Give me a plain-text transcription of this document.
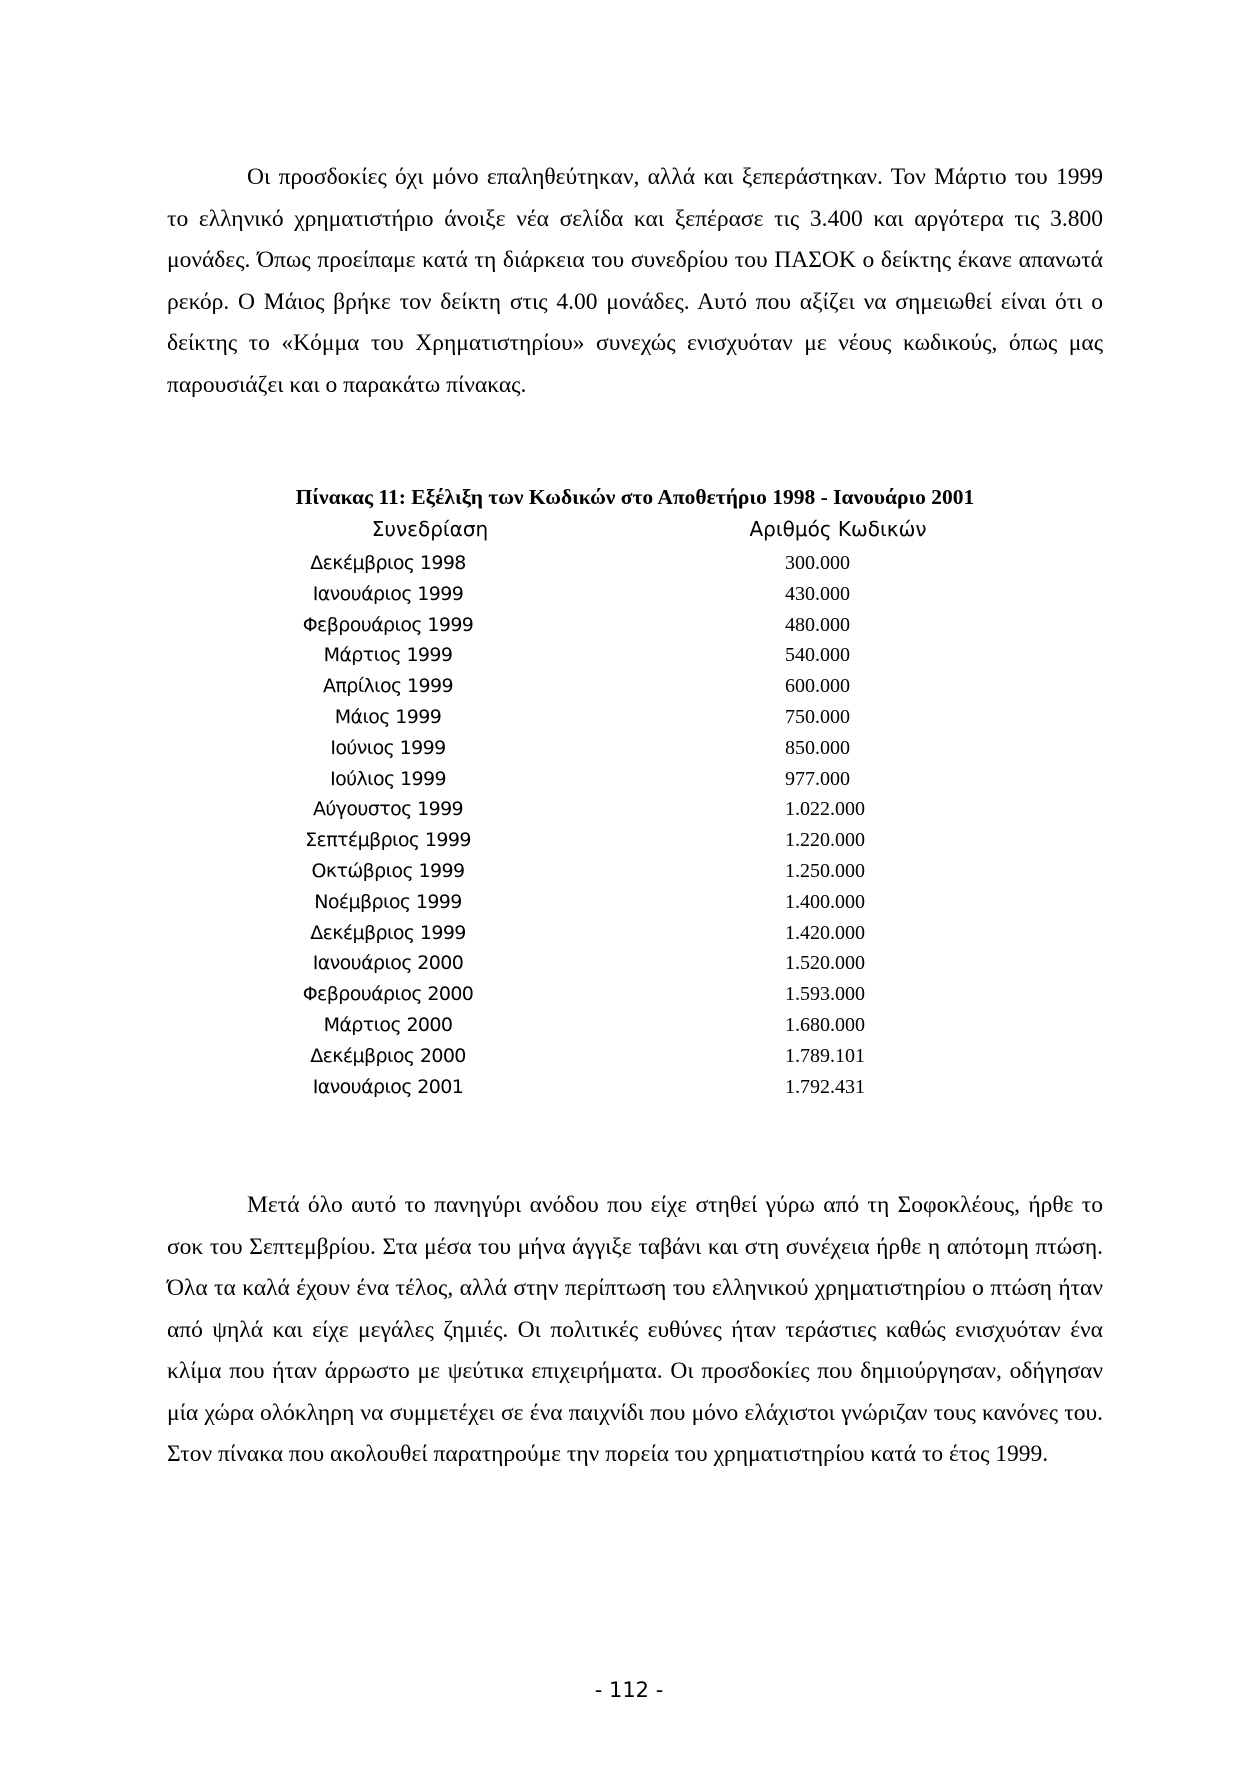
Οι προσδοκίες όχι μόνο επαληθεύτηκαν, αλλά και ξεπεράστηκαν. Τον Μάρτιο του 1999 το ελληνικό χρηματιστήριο άνοιξε νέα σελίδα και ξεπέρασε τις 3.400 και αργότερα τις 3.800 μονάδες. Όπως προείπαμε κατά τη διάρκεια του συνεδρίου του ΠΑΣΟΚ ο δείκτης έκανε απανωτά ρεκόρ. Ο Μάιος βρήκε τον δείκτη στις 4.00 μονάδες. Αυτό που αξίζει να σημειωθεί είναι ότι ο δείκτης το «Κόμμα του Χρηματιστηρίου» συνεχώς ενισχυόταν με νέους κωδικούς, όπως μας παρουσιάζει και ο παρακάτω πίνακας.

Πίνακας 11: Εξέλιξη των Κωδικών στο Αποθετήριο 1998 - Ιανουάριο 2001
Συνεδρίαση	Αριθμός Κωδικών
Δεκέμβριος 1998	300.000
Ιανουάριος 1999	430.000
Φεβρουάριος 1999	480.000
Μάρτιος 1999	540.000
Απρίλιος 1999	600.000
Μάιος 1999	750.000
Ιούνιος 1999	850.000
Ιούλιος 1999	977.000
Αύγουστος 1999	1.022.000
Σεπτέμβριος 1999	1.220.000
Οκτώβριος 1999	1.250.000
Νοέμβριος 1999	1.400.000
Δεκέμβριος 1999	1.420.000
Ιανουάριος 2000	1.520.000
Φεβρουάριος 2000	1.593.000
Μάρτιος 2000	1.680.000
Δεκέμβριος 2000	1.789.101
Ιανουάριος 2001	1.792.431

Μετά όλο αυτό το πανηγύρι ανόδου που είχε στηθεί γύρω από τη Σοφοκλέους, ήρθε το σοκ του Σεπτεμβρίου. Στα μέσα του μήνα άγγιξε ταβάνι και στη συνέχεια ήρθε η απότομη πτώση. Όλα τα καλά έχουν ένα τέλος, αλλά στην περίπτωση του ελληνικού χρηματιστηρίου ο πτώση ήταν από ψηλά και είχε μεγάλες ζημιές. Οι πολιτικές ευθύνες ήταν τεράστιες καθώς ενισχυόταν ένα κλίμα που ήταν άρρωστο με ψεύτικα επιχειρήματα. Οι προσδοκίες που δημιούργησαν, οδήγησαν μία χώρα ολόκληρη να συμμετέχει σε ένα παιχνίδι που μόνο ελάχιστοι γνώριζαν τους κανόνες του. Στον πίνακα που ακολουθεί παρατηρούμε την πορεία του χρηματιστηρίου κατά το έτος 1999.

- 112 -
